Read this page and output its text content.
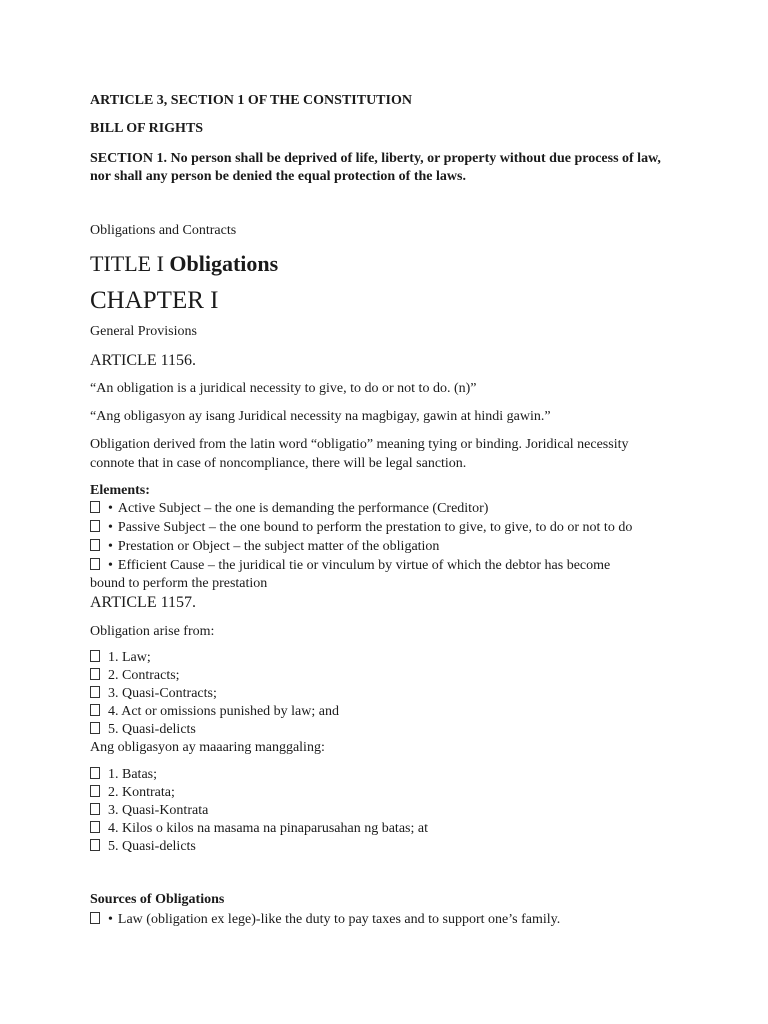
ARTICLE 3, SECTION 1 OF THE CONSTITUTION
BILL OF RIGHTS
SECTION 1. No person shall be deprived of life, liberty, or property without due process of law,
nor shall any person be denied the equal protection of the laws.
Obligations and Contracts
TITLE I Obligations
CHAPTER I
General Provisions
ARTICLE 1156.
“An obligation is a juridical necessity to give, to do or not to do. (n)”
“Ang obligasyon ay isang Juridical necessity na magbigay, gawin at hindi gawin.”
Obligation derived from the latin word “obligatio” meaning tying or binding. Joridical necessity
connote that in case of noncompliance, there will be legal sanction.
Elements:
• Active Subject – the one is demanding the performance (Creditor)
• Passive Subject – the one bound to perform the prestation to give, to give, to do or not to do
• Prestation or Object – the subject matter of the obligation
• Efficient Cause – the juridical tie or vinculum by virtue of which the debtor has become
bound to perform the prestation
ARTICLE 1157.
Obligation arise from:
1. Law;
2. Contracts;
3. Quasi-Contracts;
4. Act or omissions punished by law; and
5. Quasi-delicts
Ang obligasyon ay maaaring manggaling:
1. Batas;
2. Kontrata;
3. Quasi-Kontrata
4. Kilos o kilos na masama na pinaparusahan ng batas; at
5. Quasi-delicts
Sources of Obligations
• Law (obligation ex lege)-like the duty to pay taxes and to support one’s family.
